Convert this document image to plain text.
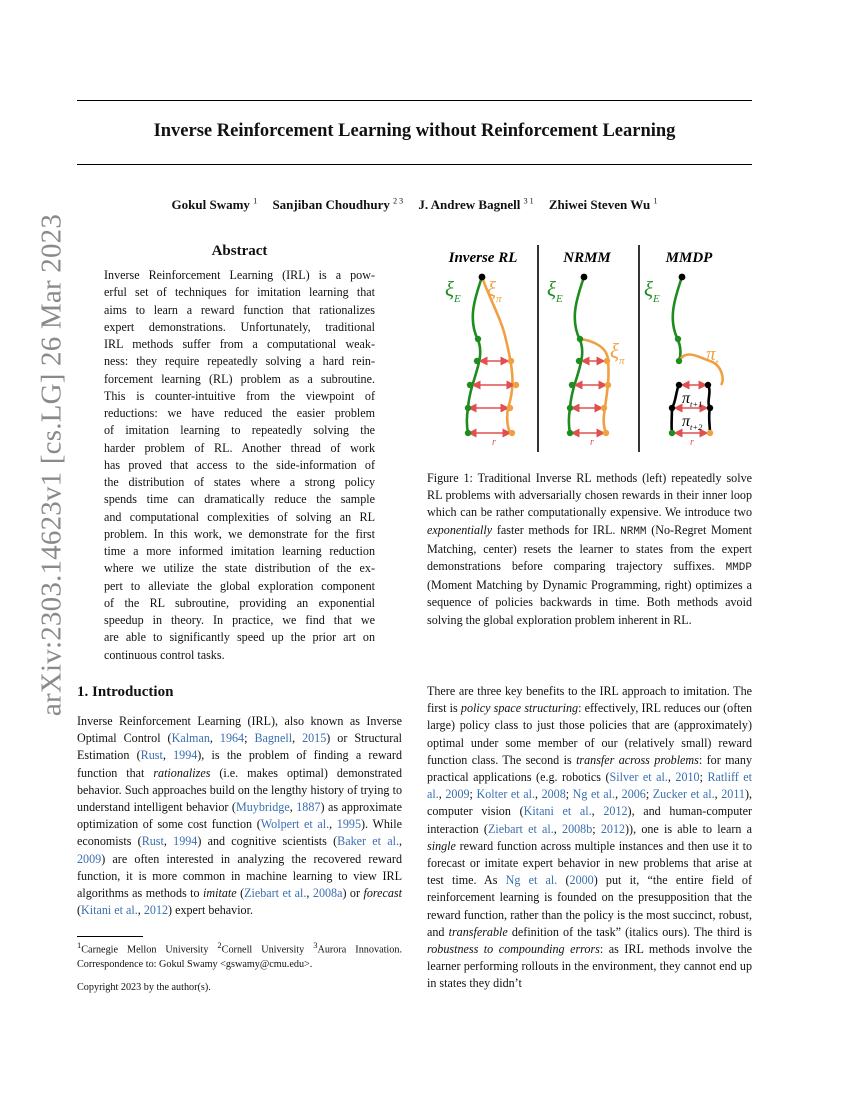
Inverse Reinforcement Learning without Reinforcement Learning
Gokul Swamy $^1$ Sanjiban Choudhury $^{2 3}$ J. Andrew Bagnell $^{3 1}$ Zhiwei Steven Wu $^1$
arXiv:2303.14623v1 [cs.LG] 26 Mar 2023	Abstract
Inverse Reinforcement Learning (IRL) is a pow-
erful set of techniques for imitation learning that
aims to learn a reward function that rationalizes
expert demonstrations. Unfortunately, traditional
IRL methods suffer from a computational weak-
ness: they require repeatedly solving a hard rein-
forcement learning (RL) problem as a subroutine.
This is counter-intuitive from the viewpoint of
reductions: we have reduced the easier problem
of imitation learning to repeatedly solving the
harder problem of RL. Another thread of work
has proved that access to the side-information of
the distribution of states where a strong policy
spends time can dramatically reduce the sample
and computational complexities of solving an RL
problem. In this work, we demonstrate for the first
time a more informed imitation learning reduction
where we utilize the state distribution of the ex-
pert to alleviate the global exploration component
of the RL subroutine, providing an exponential
speedup in theory. In practice, we find that we
are able to significantly speed up the prior art on
continuous control tasks.
Inverse RL	NRMM	MMDP
$\xi_E$ $\xi_\pi$
r
$\xi_E$
$\xi_\pi$
r
$\xi_E$
$\pi_t$
$\pi_{t+1}$
$\pi_{t+2}$
r
Figure 1: Traditional Inverse RL methods (left) repeatedly solve RL problems with adversarially chosen rewards in their inner loop which can be rather computationally expensive. We introduce two exponentially faster methods for IRL. NRMM (No-Regret Moment Matching, center) resets the learner to states from the expert demonstrations before comparing trajectory suffixes. MMDP (Moment Matching by Dynamic Programming, right) optimizes a sequence of policies backwards in time. Both methods avoid solving the global exploration problem inherent in RL.
1. Introduction
Inverse Reinforcement Learning (IRL), also known as Inverse Optimal Control (Kalman, 1964; Bagnell, 2015) or Structural Estimation (Rust, 1994), is the problem of finding a reward function that rationalizes (i.e. makes optimal) demonstrated behavior. Such approaches build on the lengthy history of trying to understand intelligent behavior (Muybridge, 1887) as approximate optimization of some cost function (Wolpert et al., 1995). While economists (Rust, 1994) and cognitive scientists (Baker et al., 2009) are often interested in analyzing the recovered reward function, it is more common in machine learning to view IRL algorithms as methods to imitate (Ziebart et al., 2008a) or forecast (Kitani et al., 2012) expert behavior.
$^1$Carnegie Mellon University $^2$Cornell University $^3$Aurora Innovation. Correspondence to: Gokul Swamy <gswamy@cmu.edu>.
Copyright 2023 by the author(s).
There are three key benefits to the IRL approach to imitation. The first is policy space structuring: effectively, IRL reduces our (often large) policy class to just those policies that are (approximately) optimal under some member of our (relatively small) reward function class. The second is transfer across problems: for many practical applications (e.g. robotics (Silver et al., 2010; Ratliff et al., 2009; Kolter et al., 2008; Ng et al., 2006; Zucker et al., 2011), computer vision (Kitani et al., 2012), and human-computer interaction (Ziebart et al., 2008b; 2012)), one is able to learn a single reward function across multiple instances and then use it to forecast or imitate expert behavior in new problems that arise at test time. As Ng et al. (2000) put it, “the entire field of reinforcement learning is founded on the presupposition that the reward function, rather than the policy is the most succinct, robust, and transferable definition of the task” (italics ours). The third is robustness to compounding errors: as IRL methods involve the learner performing rollouts in the environment, they cannot end up in states they didn’t
